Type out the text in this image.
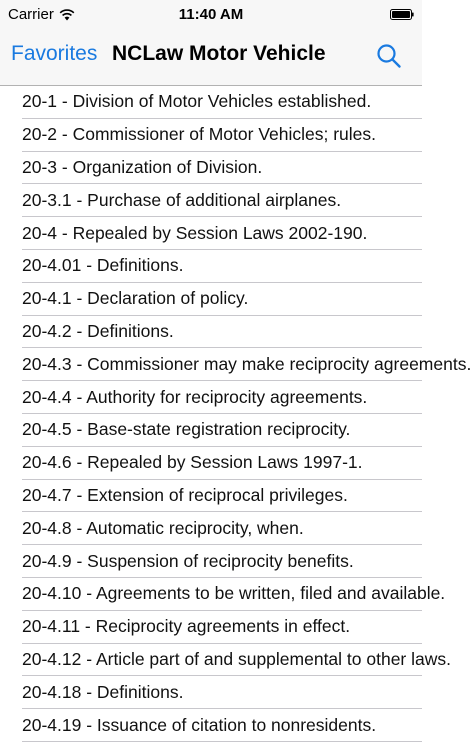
Carrier	11:40 AM
Favorites NCLaw Motor Vehicle
20-1 - Division of Motor Vehicles established.
20-2 - Commissioner of Motor Vehicles; rules.
20-3 - Organization of Division.
20-3.1 - Purchase of additional airplanes.
20-4 - Repealed by Session Laws 2002-190.
20-4.01 - Definitions.
20-4.1 - Declaration of policy.
20-4.2 - Definitions.
20-4.3 - Commissioner may make reciprocity agreements.
20-4.4 - Authority for reciprocity agreements.
20-4.5 - Base-state registration reciprocity.
20-4.6 - Repealed by Session Laws 1997-1.
20-4.7 - Extension of reciprocal privileges.
20-4.8 - Automatic reciprocity, when.
20-4.9 - Suspension of reciprocity benefits.
20-4.10 - Agreements to be written, filed and available.
20-4.11 - Reciprocity agreements in effect.
20-4.12 - Article part of and supplemental to other laws.
20-4.18 - Definitions.
20-4.19 - Issuance of citation to nonresidents.
